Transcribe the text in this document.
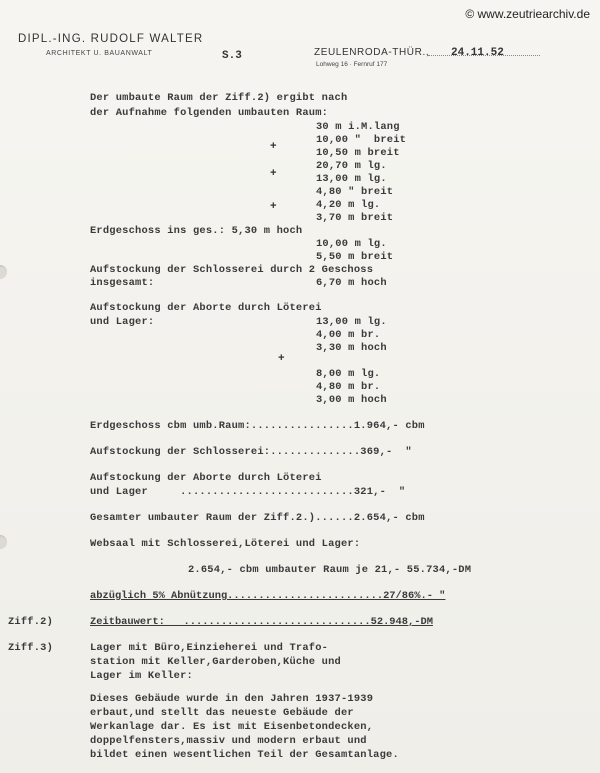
© www.zeutriearchiv.de
DIPL.-ING. RUDOLF WALTER
ARCHITEKT U. BAUANWALT	S.3	ZEULENRODA-THÜR.,
Lohweg 16 · Fernruf 177
24.11.52
Der umbaute Raum der Ziff.2) ergibt nach
der Aufnahme folgenden umbauten Raum:
30 m i.M.lang
10,00 "  breit
+	10,50 m breit
20,70 m lg.
+	13,00 m lg.
4,80 " breit
+	4,20 m lg.
3,70 m breit
Erdgeschoss ins ges.: 5,30 m hoch
10,00 m lg.
5,50 m breit
Aufstockung der Schlosserei durch 2 Geschoss
insgesamt:	6,70 m hoch
Aufstockung der Aborte durch Löterei
und Lager:	13,00 m lg.
4,00 m br.
3,30 m hoch
+
8,00 m lg.
4,80 m br.
3,00 m hoch
Erdgeschoss cbm umb.Raum:................1.964,- cbm
Aufstockung der Schlosserei:..............369,-  "
Aufstockung der Aborte durch Löterei
und Lager     ...........................321,-  "
Gesamter umbauter Raum der Ziff.2.)......2.654,- cbm
Websaal mit Schlosserei,Löterei und Lager:
2.654,- cbm umbauter Raum je 21,- 55.734,-DM
abzüglich 5% Abnützung.........................27/86%.- "
Ziff.2)	Zeitbauwert:   ..............................52.948,-DM
Ziff.3)	Lager mit Büro,Einzieherei und Trafo-
station mit Keller,Garderoben,Küche und
Lager im Keller:
Dieses Gebäude wurde in den Jahren 1937-1939
erbaut,und stellt das neueste Gebäude der
Werkanlage dar. Es ist mit Eisenbetondecken,
doppelfensters,massiv und modern erbaut und
bildet einen wesentlichen Teil der Gesamtanlage.
